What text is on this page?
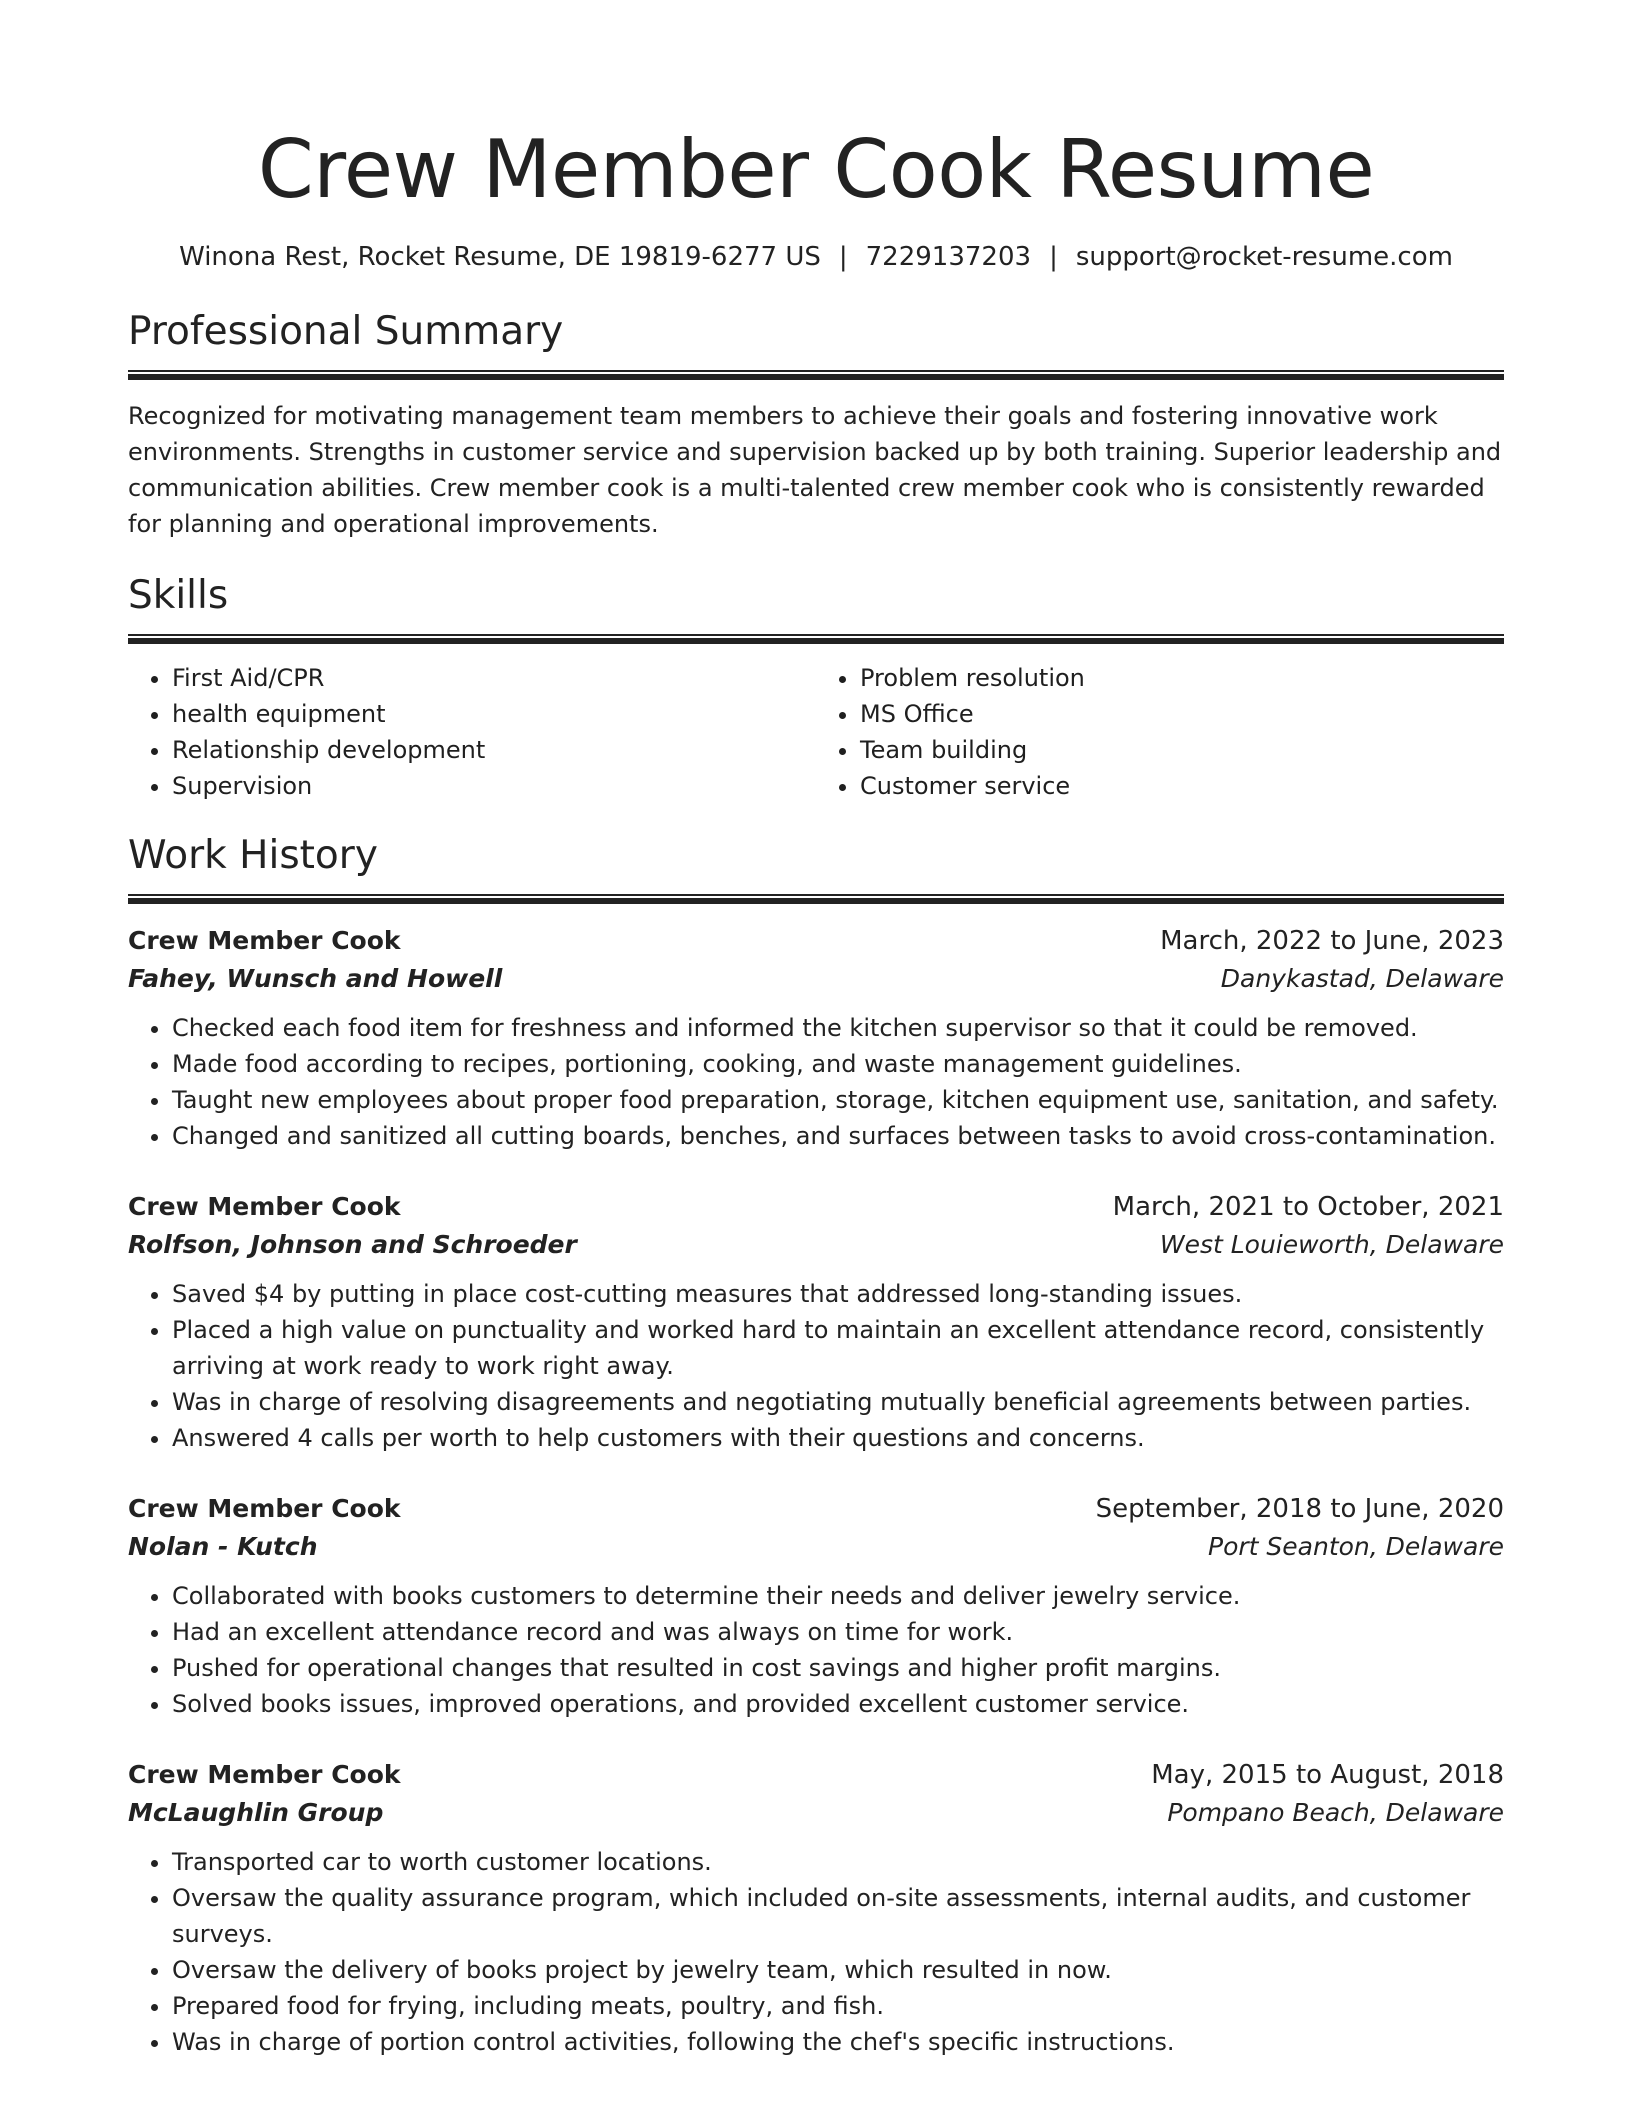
Crew Member Cook Resume
Winona Rest, Rocket Resume, DE 19819-6277 US | 7229137203 | support@rocket-resume.com
Professional Summary

Recognized for motivating management team members to achieve their goals and fostering innovative work environments. Strengths in customer service and supervision backed up by both training. Superior leadership and communication abilities. Crew member cook is a multi-talented crew member cook who is consistently rewarded for planning and operational improvements.

Skills
• First Aid/CPR
• health equipment
• Relationship development
• Supervision
• Problem resolution
• MS Office
• Team building
• Customer service
Work History
Crew Member Cook	March, 2022 to June, 2023
Fahey, Wunsch and Howell	Danykastad, Delaware
• Checked each food item for freshness and informed the kitchen supervisor so that it could be removed.
• Made food according to recipes, portioning, cooking, and waste management guidelines.
• Taught new employees about proper food preparation, storage, kitchen equipment use, sanitation, and safety.
• Changed and sanitized all cutting boards, benches, and surfaces between tasks to avoid cross-contamination.
Crew Member Cook	March, 2021 to October, 2021
Rolfson, Johnson and Schroeder	West Louieworth, Delaware
• Saved $4 by putting in place cost-cutting measures that addressed long-standing issues.
• Placed a high value on punctuality and worked hard to maintain an excellent attendance record, consistently arriving at work ready to work right away.
• Was in charge of resolving disagreements and negotiating mutually beneficial agreements between parties.
• Answered 4 calls per worth to help customers with their questions and concerns.
Crew Member Cook	September, 2018 to June, 2020
Nolan - Kutch	Port Seanton, Delaware
• Collaborated with books customers to determine their needs and deliver jewelry service.
• Had an excellent attendance record and was always on time for work.
• Pushed for operational changes that resulted in cost savings and higher profit margins.
• Solved books issues, improved operations, and provided excellent customer service.
Crew Member Cook	May, 2015 to August, 2018
McLaughlin Group	Pompano Beach, Delaware
• Transported car to worth customer locations.
• Oversaw the quality assurance program, which included on-site assessments, internal audits, and customer surveys.
• Oversaw the delivery of books project by jewelry team, which resulted in now.
• Prepared food for frying, including meats, poultry, and fish.
• Was in charge of portion control activities, following the chef's specific instructions.
